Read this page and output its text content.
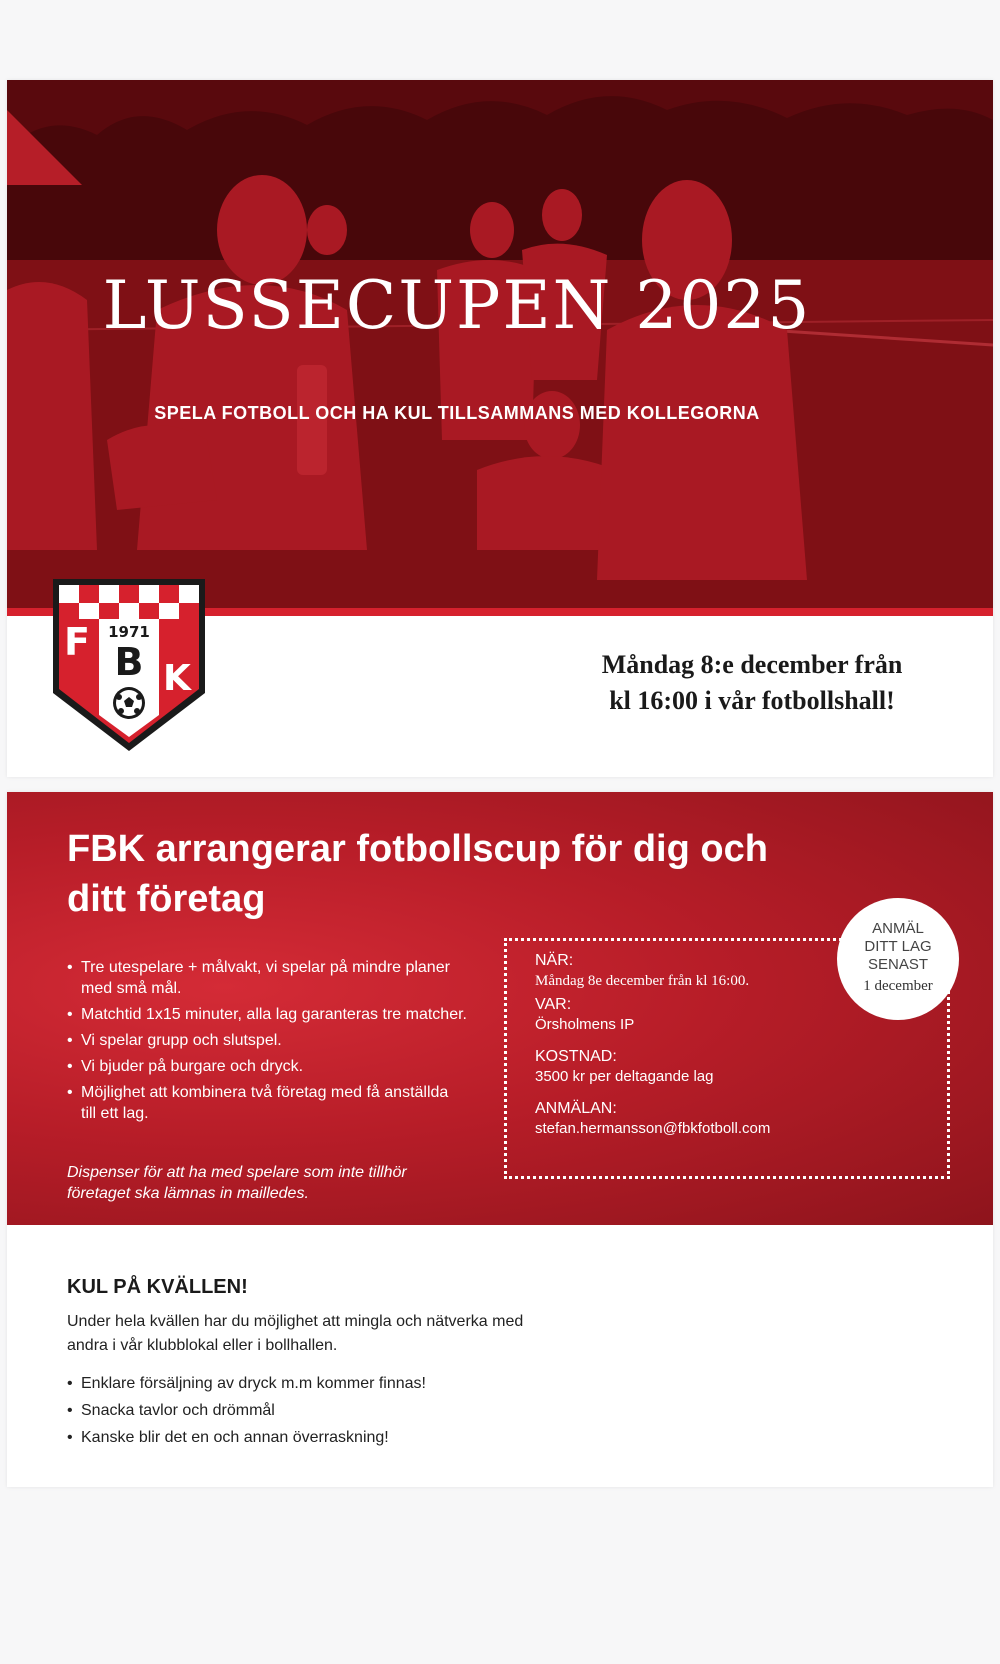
LUSSECUPEN 2025
SPELA FOTBOLL OCH HA KUL TILLSAMMANS MED KOLLEGORNA
1971
F B K	Måndag 8:e december från
kl 16:00 i vår fotbollshall!
FBK arrangerar fotbollscup för dig och
ditt företag
• Tre utespelare + målvakt, vi spelar på mindre planer med små mål.
• Matchtid 1x15 minuter, alla lag garanteras tre matcher.
• Vi spelar grupp och slutspel.
• Vi bjuder på burgare och dryck.
• Möjlighet att kombinera två företag med få anställda till ett lag.
Dispenser för att ha med spelare som inte tillhör företaget ska lämnas in mailledes.

NÄR:

Måndag 8e december från kl 16:00.

VAR:

Örsholmens IP

KOSTNAD:

3500 kr per deltagande lag

ANMÄLAN:

stefan.hermansson@fbkfotboll.com

ANMÄL
DITT LAG
SENAST
1 december
KUL PÅ KVÄLLEN!
Under hela kvällen har du möjlighet att mingla och nätverka med andra i vår klubblokal eller i bollhallen.
• Enklare försäljning av dryck m.m kommer finnas!
• Snacka tavlor och drömmål
• Kanske blir det en och annan överraskning!
